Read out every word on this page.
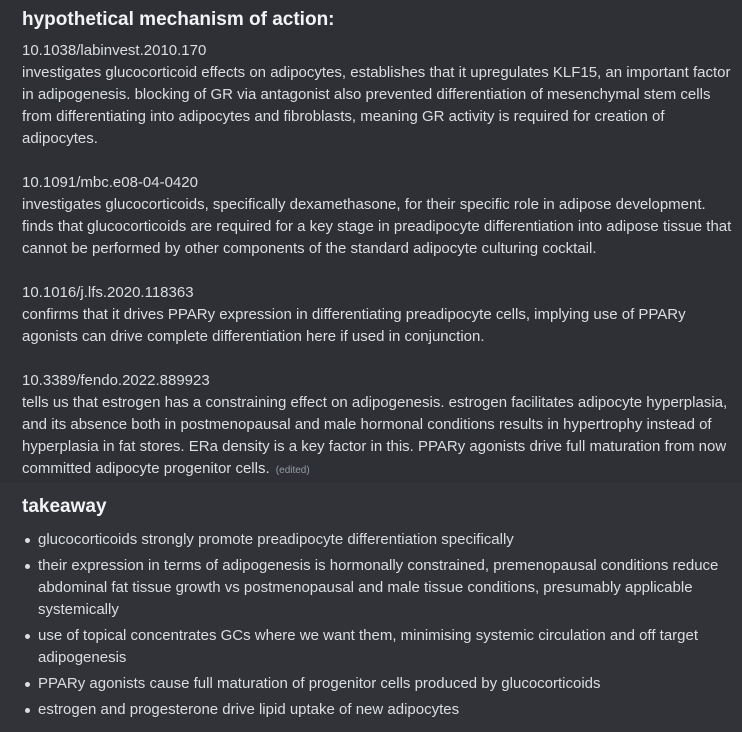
hypothetical mechanism of action:

10.1038/labinvest.2010.170
investigates glucocorticoid effects on adipocytes, establishes that it upregulates KLF15, an important factor in adipogenesis. blocking of GR via antagonist also prevented differentiation of mesenchymal stem cells from differentiating into adipocytes and fibroblasts, meaning GR activity is required for creation of adipocytes.

10.1091/mbc.e08-04-0420
investigates glucocorticoids, specifically dexamethasone, for their specific role in adipose development. finds that glucocorticoids are required for a key stage in preadipocyte differentiation into adipose tissue that cannot be performed by other components of the standard adipocyte culturing cocktail.

10.1016/j.lfs.2020.118363
confirms that it drives PPARy expression in differentiating preadipocyte cells, implying use of PPARy agonists can drive complete differentiation here if used in conjunction.

10.3389/fendo.2022.889923
tells us that estrogen has a constraining effect on adipogenesis. estrogen facilitates adipocyte hyperplasia, and its absence both in postmenopausal and male hormonal conditions results in hypertrophy instead of hyperplasia in fat stores. ERa density is a key factor in this. PPARy agonists drive full maturation from now committed adipocyte progenitor cells. (edited)

takeaway
glucocorticoids strongly promote preadipocyte differentiation specifically
their expression in terms of adipogenesis is hormonally constrained, premenopausal conditions reduce abdominal fat tissue growth vs postmenopausal and male tissue conditions, presumably applicable systemically
use of topical concentrates GCs where we want them, minimising systemic circulation and off target adipogenesis
PPARy agonists cause full maturation of progenitor cells produced by glucocorticoids
estrogen and progesterone drive lipid uptake of new adipocytes
